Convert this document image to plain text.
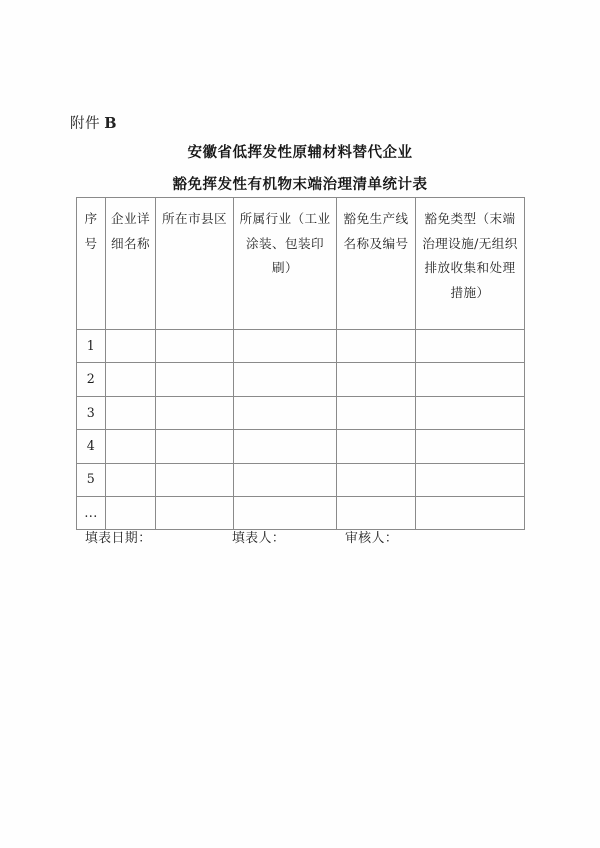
附件 B
安徽省低挥发性原辅材料替代企业
豁免挥发性有机物末端治理清单统计表
序号	企业详细名称	所在市县区	所属行业（工业涂装、包装印刷）	豁免生产线名称及编号	豁免类型（末端治理设施/无组织排放收集和处理措施）

1					
2					
3					
4					
5					
...					
填表日期：	填表人：	审核人：
